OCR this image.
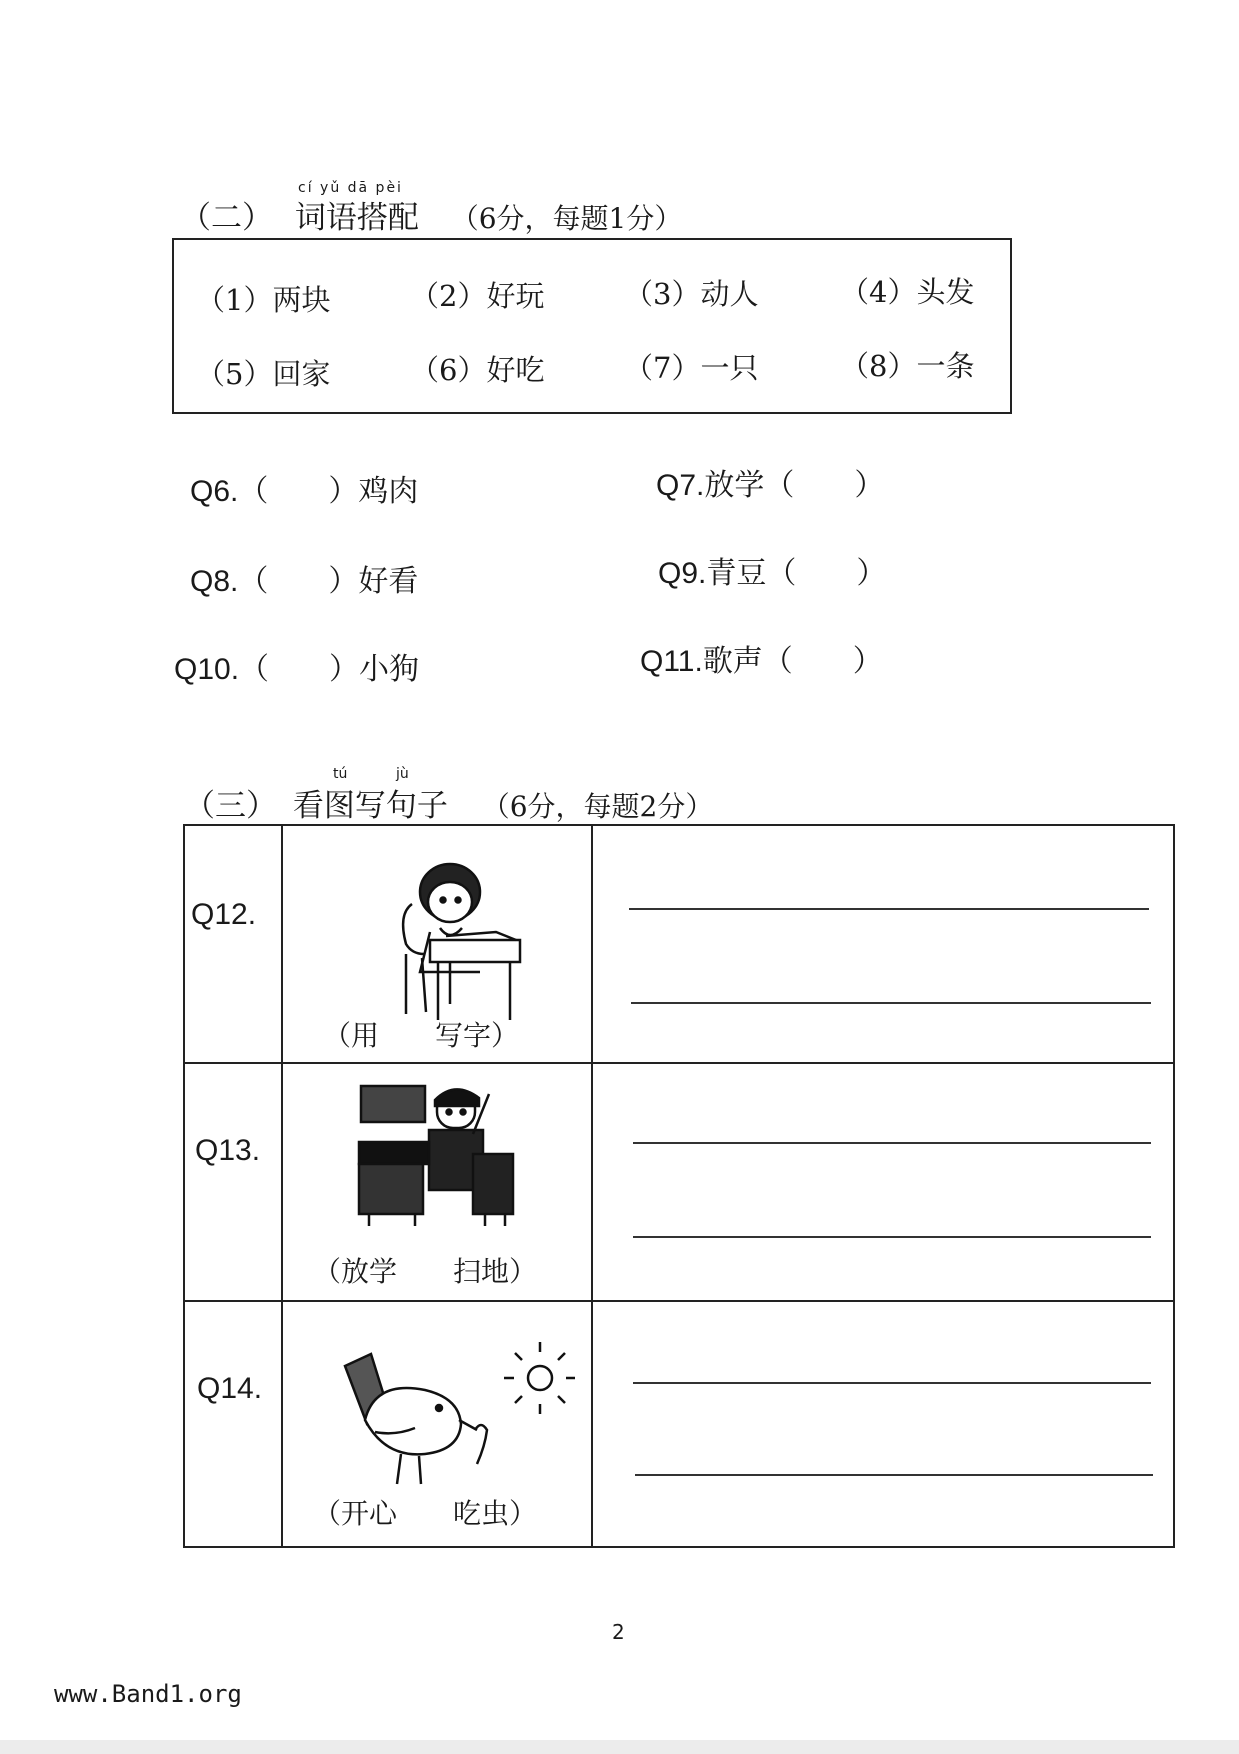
cí yǔ dā pèi
（二） 词语搭配 （6分，每题1分）
（1）两块	（2）好玩	（3）动人	（4）头发
（5）回家	（6）好吃	（7）一只	（8）一条
Q6.（　　）鸡肉	Q7.放学（　　）
Q8.（　　）好看	Q9.青豆（　　）
Q10.（　　）小狗	Q11.歌声（　　）
tú	jù
（三） 看图写句子 （6分，每题2分）
Q12.
（用　　写字）
Q13.
（放学　　扫地）
Q14.
（开心　　吃虫）
2
www.Band1.org
